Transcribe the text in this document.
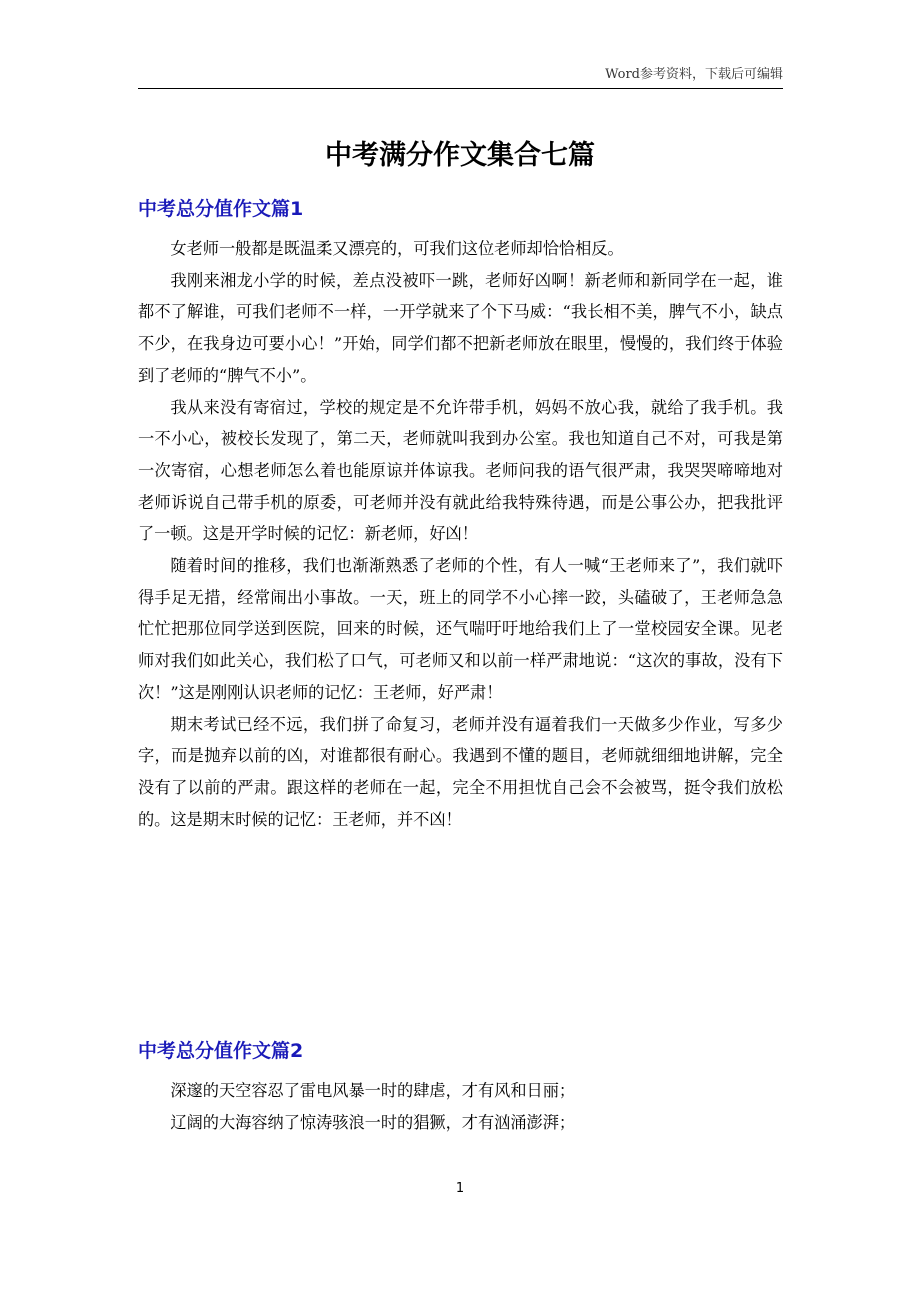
Word参考资料，下载后可编辑
中考满分作文集合七篇
中考总分值作文篇1

女老师一般都是既温柔又漂亮的，可我们这位老师却恰恰相反。

我刚来湘龙小学的时候，差点没被吓一跳，老师好凶啊！新老师和新同学在一起，谁都不了解谁，可我们老师不一样，一开学就来了个下马威：“我长相不美，脾气不小，缺点不少，在我身边可要小心！”开始，同学们都不把新老师放在眼里，慢慢的，我们终于体验到了老师的“脾气不小”。

我从来没有寄宿过，学校的规定是不允许带手机，妈妈不放心我，就给了我手机。我一不小心，被校长发现了，第二天，老师就叫我到办公室。我也知道自己不对，可我是第一次寄宿，心想老师怎么着也能原谅并体谅我。老师问我的语气很严肃，我哭哭啼啼地对老师诉说自己带手机的原委，可老师并没有就此给我特殊待遇，而是公事公办，把我批评了一顿。这是开学时候的记忆：新老师，好凶！

随着时间的推移，我们也渐渐熟悉了老师的个性，有人一喊“王老师来了”，我们就吓得手足无措，经常闹出小事故。一天，班上的同学不小心摔一跤，头磕破了，王老师急急忙忙把那位同学送到医院，回来的时候，还气喘吁吁地给我们上了一堂校园安全课。见老师对我们如此关心，我们松了口气，可老师又和以前一样严肃地说：“这次的事故，没有下次！”这是刚刚认识老师的记忆：王老师，好严肃！

期末考试已经不远，我们拼了命复习，老师并没有逼着我们一天做多少作业，写多少字，而是抛弃以前的凶，对谁都很有耐心。我遇到不懂的题目，老师就细细地讲解，完全没有了以前的严肃。跟这样的老师在一起，完全不用担忧自己会不会被骂，挺令我们放松的。这是期末时候的记忆：王老师，并不凶！

中考总分值作文篇2

深邃的天空容忍了雷电风暴一时的肆虐，才有风和日丽；

辽阔的大海容纳了惊涛骇浪一时的猖獗，才有汹涌澎湃；

1
